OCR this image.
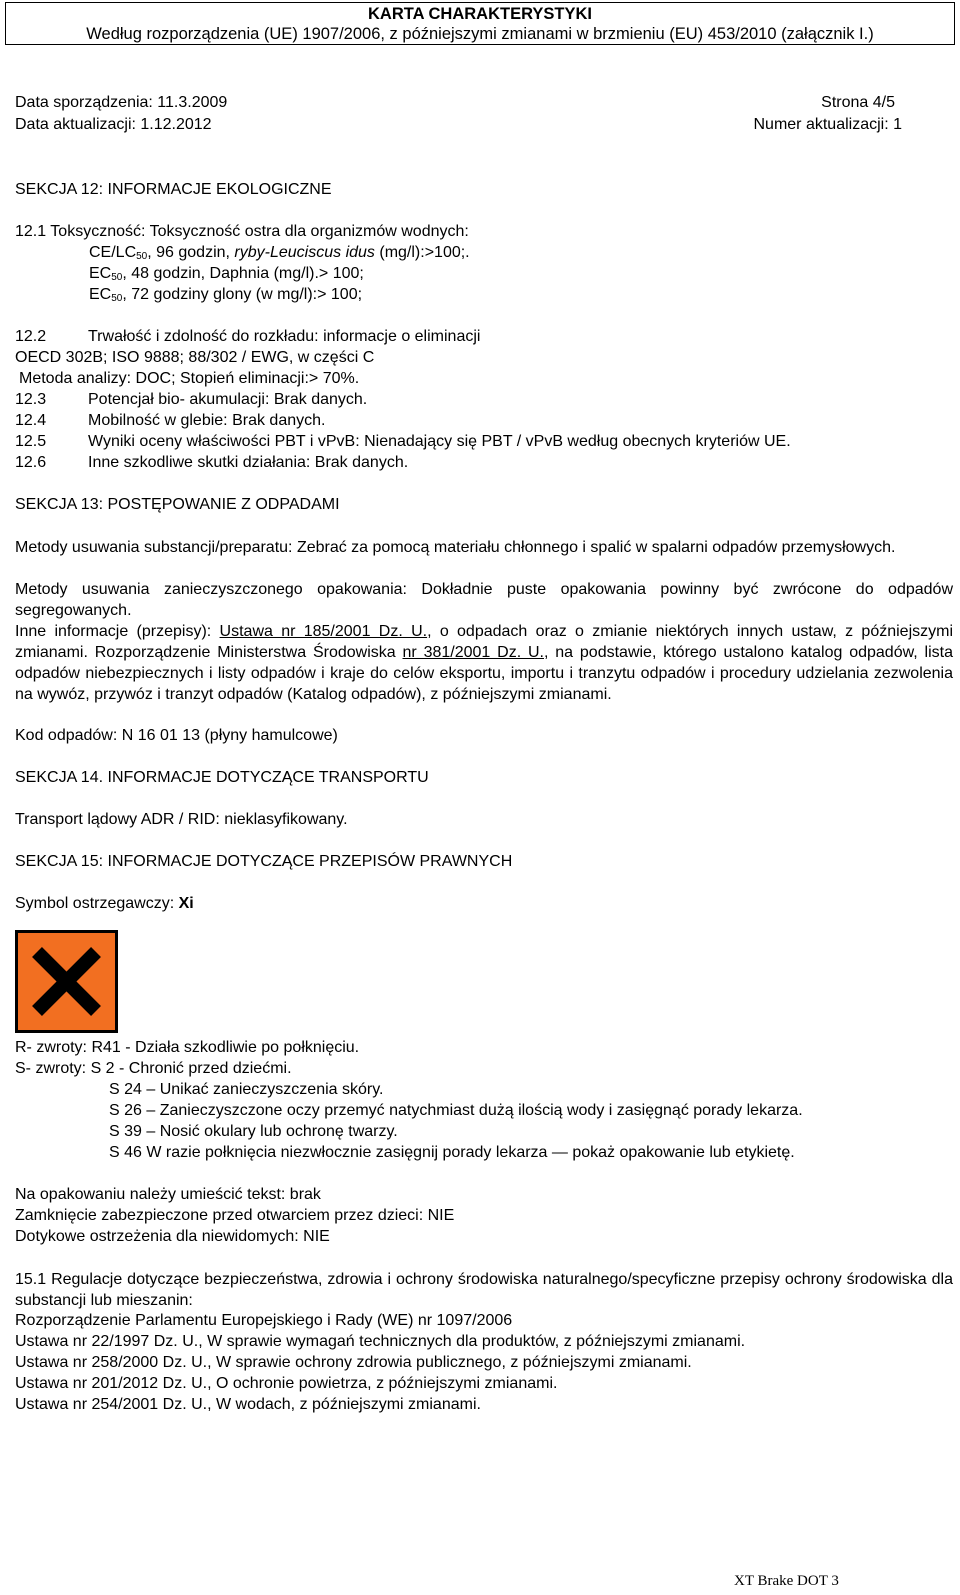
KARTA CHARAKTERYSTYKI
Według rozporządzenia (UE) 1907/2006, z późniejszymi zmianami w brzmieniu (EU) 453/2010 (załącznik I.)
Data sporządzenia: 11.3.2009	Strona 4/5
Data aktualizacji: 1.12.2012	Numer aktualizacji: 1
SEKCJA 12: INFORMACJE EKOLOGICZNE
12.1 Toksyczność: Toksyczność ostra dla organizmów wodnych:
$CE/LC_{50}$, 96 godzin, ryby-Leuciscus idus (mg/l):>100;.
$EC_{50}$, 48 godzin, Daphnia (mg/l).> 100;
$EC_{50}$, 72 godziny glony (w mg/l):> 100;
12.2	Trwałość i zdolność do rozkładu: informacje o eliminacji
OECD 302B; ISO 9888; 88/302 / EWG, w części C
Metoda analizy: DOC; Stopień eliminacji:> 70%.
12.3	Potencjał bio- akumulacji: Brak danych.
12.4	Mobilność w glebie: Brak danych.
12.5	Wyniki oceny właściwości PBT i vPvB: Nienadający się PBT / vPvB według obecnych kryteriów UE.
12.6	Inne szkodliwe skutki działania: Brak danych.
SEKCJA 13: POSTĘPOWANIE Z ODPADAMI
Metody usuwania substancji/preparatu: Zebrać za pomocą materiału chłonnego i spalić w spalarni odpadów przemysłowych.
Metody usuwania zanieczyszczonego opakowania: Dokładnie puste opakowania powinny być zwrócone do odpadów segregowanych.
Inne informacje (przepisy): Ustawa nr 185/2001 Dz. U., o odpadach oraz o zmianie niektórych innych ustaw, z późniejszymi zmianami. Rozporządzenie Ministerstwa Środowiska nr 381/2001 Dz. U., na podstawie, którego ustalono katalog odpadów, lista odpadów niebezpiecznych i listy odpadów i kraje do celów eksportu, importu i tranzytu odpadów i procedury udzielania zezwolenia na wywóz, przywóz i tranzyt odpadów (Katalog odpadów), z późniejszymi zmianami.
Kod odpadów: N 16 01 13 (płyny hamulcowe)
SEKCJA 14. INFORMACJE DOTYCZĄCE TRANSPORTU
Transport lądowy ADR / RID: nieklasyfikowany.
SEKCJA 15: INFORMACJE DOTYCZĄCE PRZEPISÓW PRAWNYCH
Symbol ostrzegawczy: Xi
R- zwroty: R41 - Działa szkodliwie po połknięciu.
S- zwroty: S 2 - Chronić przed dziećmi.
S 24 – Unikać zanieczyszczenia skóry.
S 26 – Zanieczyszczone oczy przemyć natychmiast dużą ilością wody i zasięgnąć porady lekarza.
S 39 – Nosić okulary lub ochronę twarzy.
S 46 W razie połknięcia niezwłocznie zasięgnij porady lekarza — pokaż opakowanie lub etykietę.
Na opakowaniu należy umieścić tekst: brak
Zamknięcie zabezpieczone przed otwarciem przez dzieci: NIE
Dotykowe ostrzeżenia dla niewidomych: NIE
15.1 Regulacje dotyczące bezpieczeństwa, zdrowia i ochrony środowiska naturalnego/specyficzne przepisy ochrony środowiska dla substancji lub mieszanin:
Rozporządzenie Parlamentu Europejskiego i Rady (WE) nr 1097/2006
Ustawa nr 22/1997 Dz. U., W sprawie wymagań technicznych dla produktów, z późniejszymi zmianami.
Ustawa nr 258/2000 Dz. U., W sprawie ochrony zdrowia publicznego, z późniejszymi zmianami.
Ustawa nr 201/2012 Dz. U., O ochronie powietrza, z późniejszymi zmianami.
Ustawa nr 254/2001 Dz. U., W wodach, z późniejszymi zmianami.
XT Brake DOT 3
